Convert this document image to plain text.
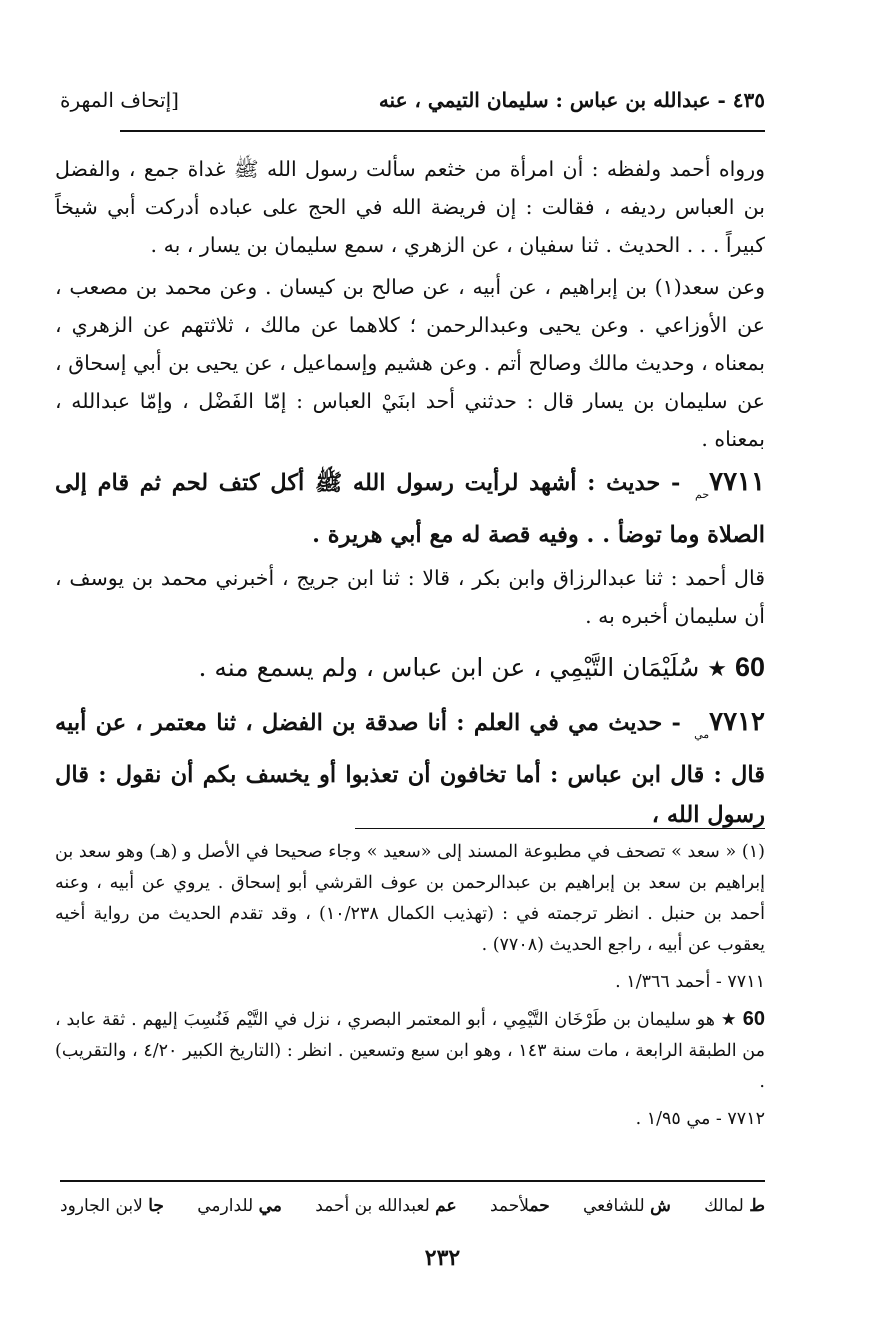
٤٣٥ - عبدالله بن عباس : سليمان التيمي ، عنه
[إتحاف المهرة

ورواه أحمد ولفظه : أن امرأة من خثعم سألت رسول الله ﷺ غداة جمع ، والفضل بن العباس رديفه ، فقالت : إن فريضة الله في الحج على عباده أدركت أبي شيخاً كبيراً . . . الحديث . ثنا سفيان ، عن الزهري ، سمع سليمان بن يسار ، به .

وعن سعد(١) بن إبراهيم ، عن أبيه ، عن صالح بن كيسان . وعن محمد بن مصعب ، عن الأوزاعي . وعن يحيى وعبدالرحمن ؛ كلاهما عن مالك ، ثلاثتهم عن الزهري ، بمعناه ، وحديث مالك وصالح أتم . وعن هشيم وإسماعيل ، عن يحيى بن أبي إسحاق ، عن سليمان بن يسار قال : حدثني أحد ابنَيْ العباس : إمّا الفَضْل ، وإمّا عبدالله ، بمعناه .

$٧٧١١_{حم}$ - حديث : أشهد لرأيت رسول الله ﷺ أكل كتف لحم ثم قام إلى الصلاة وما توضأ . . وفيه قصة له مع أبي هريرة .

قال أحمد : ثنا عبدالرزاق وابن بكر ، قالا : ثنا ابن جريج ، أخبرني محمد بن يوسف ، أن سليمان أخبره به .

60 ★ سُلَيْمَان التَّيْمِي ، عن ابن عباس ، ولم يسمع منه .

$٧٧١٢_{مي}$ - حديث مي في العلم : أنا صدقة بن الفضل ، ثنا معتمر ، عن أبيه قال : قال ابن عباس : أما تخافون أن تعذبوا أو يخسف بكم أن نقول : قال رسول الله ،

(١) « سعد » تصحف في مطبوعة المسند إلى «سعيد » وجاء صحيحا في الأصل و (هـ) وهو سعد بن إبراهيم بن سعد بن إبراهيم بن عبدالرحمن بن عوف القرشي أبو إسحاق . يروي عن أبيه ، وعنه أحمد بن حنبل . انظر ترجمته في : (تهذيب الكمال ١٠/٢٣٨) ، وقد تقدم الحديث من رواية أخيه يعقوب عن أبيه ، راجع الحديث (٧٧٠٨) .

٧٧١١ - أحمد ١/٣٦٦ .

60 ★ هو سليمان بن طَرْخَان التَّيْمِي ، أبو المعتمر البصري ، نزل في التَّيْم فَنُسِبَ إليهم . ثقة عابد ، من الطبقة الرابعة ، مات سنة ١٤٣ ، وهو ابن سبع وتسعين . انظر : (التاريخ الكبير ٤/٢٠ ، والتقريب) .

٧٧١٢ - مي ١/٩٥ .

ط لمالك
ش للشافعي
حملأحمد
عم لعبدالله بن أحمد
مي للدارمي
جا لابن الجارود
٢٣٢
